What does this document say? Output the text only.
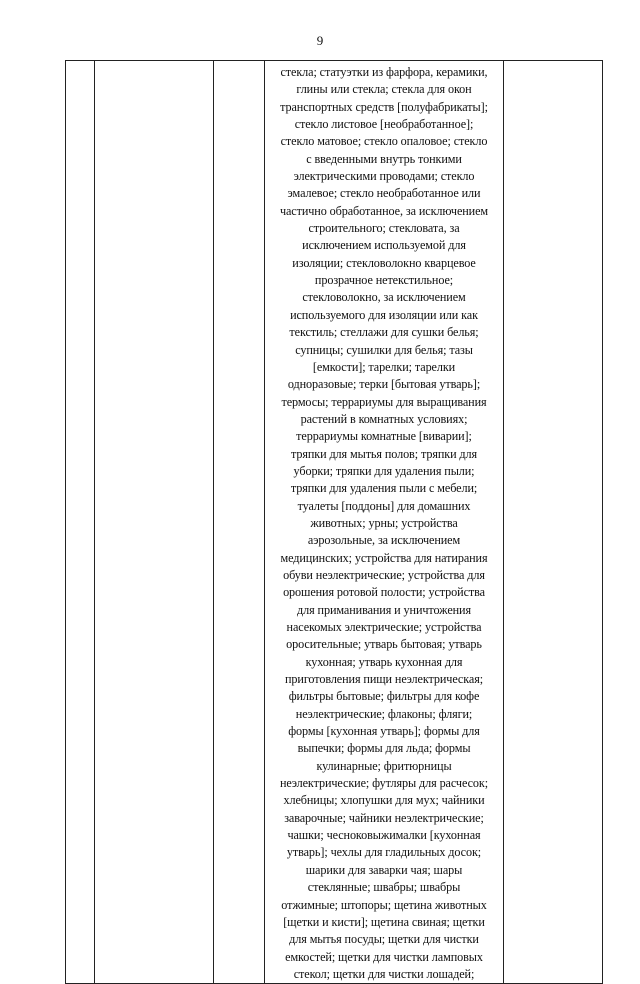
9

стекла; статуэтки из фарфора, керамики,
глины или стекла; стекла для окон
транспортных средств [полуфабрикаты];
стекло листовое [необработанное];
стекло матовое; стекло опаловое; стекло
с введенными внутрь тонкими
электрическими проводами; стекло
эмалевое; стекло необработанное или
частично обработанное, за исключением
строительного; стекловата, за
исключением используемой для
изоляции; стекловолокно кварцевое
прозрачное нетекстильное;
стекловолокно, за исключением
используемого для изоляции или как
текстиль; стеллажи для сушки белья;
супницы; сушилки для белья; тазы
[емкости]; тарелки; тарелки
одноразовые; терки [бытовая утварь];
термосы; террариумы для выращивания
растений в комнатных условиях;
террариумы комнатные [виварии];
тряпки для мытья полов; тряпки для
уборки; тряпки для удаления пыли;
тряпки для удаления пыли с мебели;
туалеты [поддоны] для домашних
животных; урны; устройства
аэрозольные, за исключением
медицинских; устройства для натирания
обуви неэлектрические; устройства для
орошения ротовой полости; устройства
для приманивания и уничтожения
насекомых электрические; устройства
оросительные; утварь бытовая; утварь
кухонная; утварь кухонная для
приготовления пищи неэлектрическая;
фильтры бытовые; фильтры для кофе
неэлектрические; флаконы; фляги;
формы [кухонная утварь]; формы для
выпечки; формы для льда; формы
кулинарные; фритюрницы
неэлектрические; футляры для расчесок;
хлебницы; хлопушки для мух; чайники
заварочные; чайники неэлектрические;
чашки; чесноковыжималки [кухонная
утварь]; чехлы для гладильных досок;
шарики для заварки чая; шары
стеклянные; швабры; швабры
отжимные; штопоры; щетина животных
[щетки и кисти]; щетина свиная; щетки
для мытья посуды; щетки для чистки
емкостей; щетки для чистки ламповых
стекол; щетки для чистки лошадей;
